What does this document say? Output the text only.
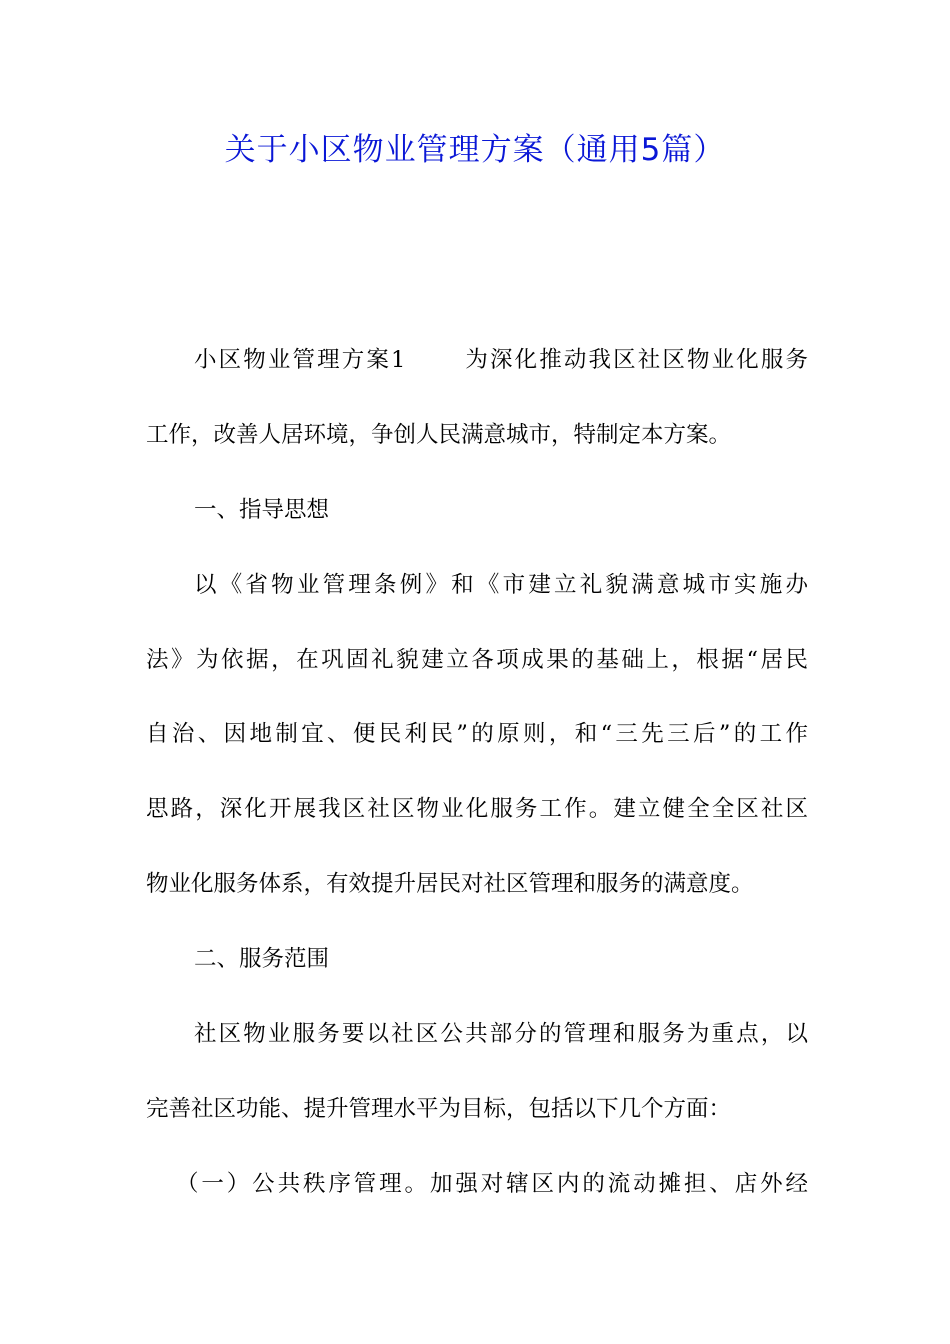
关于小区物业管理方案（通用5篇）
小区物业管理方案1	为深化推动我区社区物业化服务
工作，改善人居环境，争创人民满意城市，特制定本方案。
一、指导思想
以《省物业管理条例》和《市建立礼貌满意城市实施办
法》为依据，在巩固礼貌建立各项成果的基础上，根据“居民
自治、因地制宜、便民利民”的原则，和“三先三后”的工作
思路，深化开展我区社区物业化服务工作。建立健全全区社区
物业化服务体系，有效提升居民对社区管理和服务的满意度。
二、服务范围
社区物业服务要以社区公共部分的管理和服务为重点，以
完善社区功能、提升管理水平为目标，包括以下几个方面：
（一）公共秩序管理。加强对辖区内的流动摊担、店外经
